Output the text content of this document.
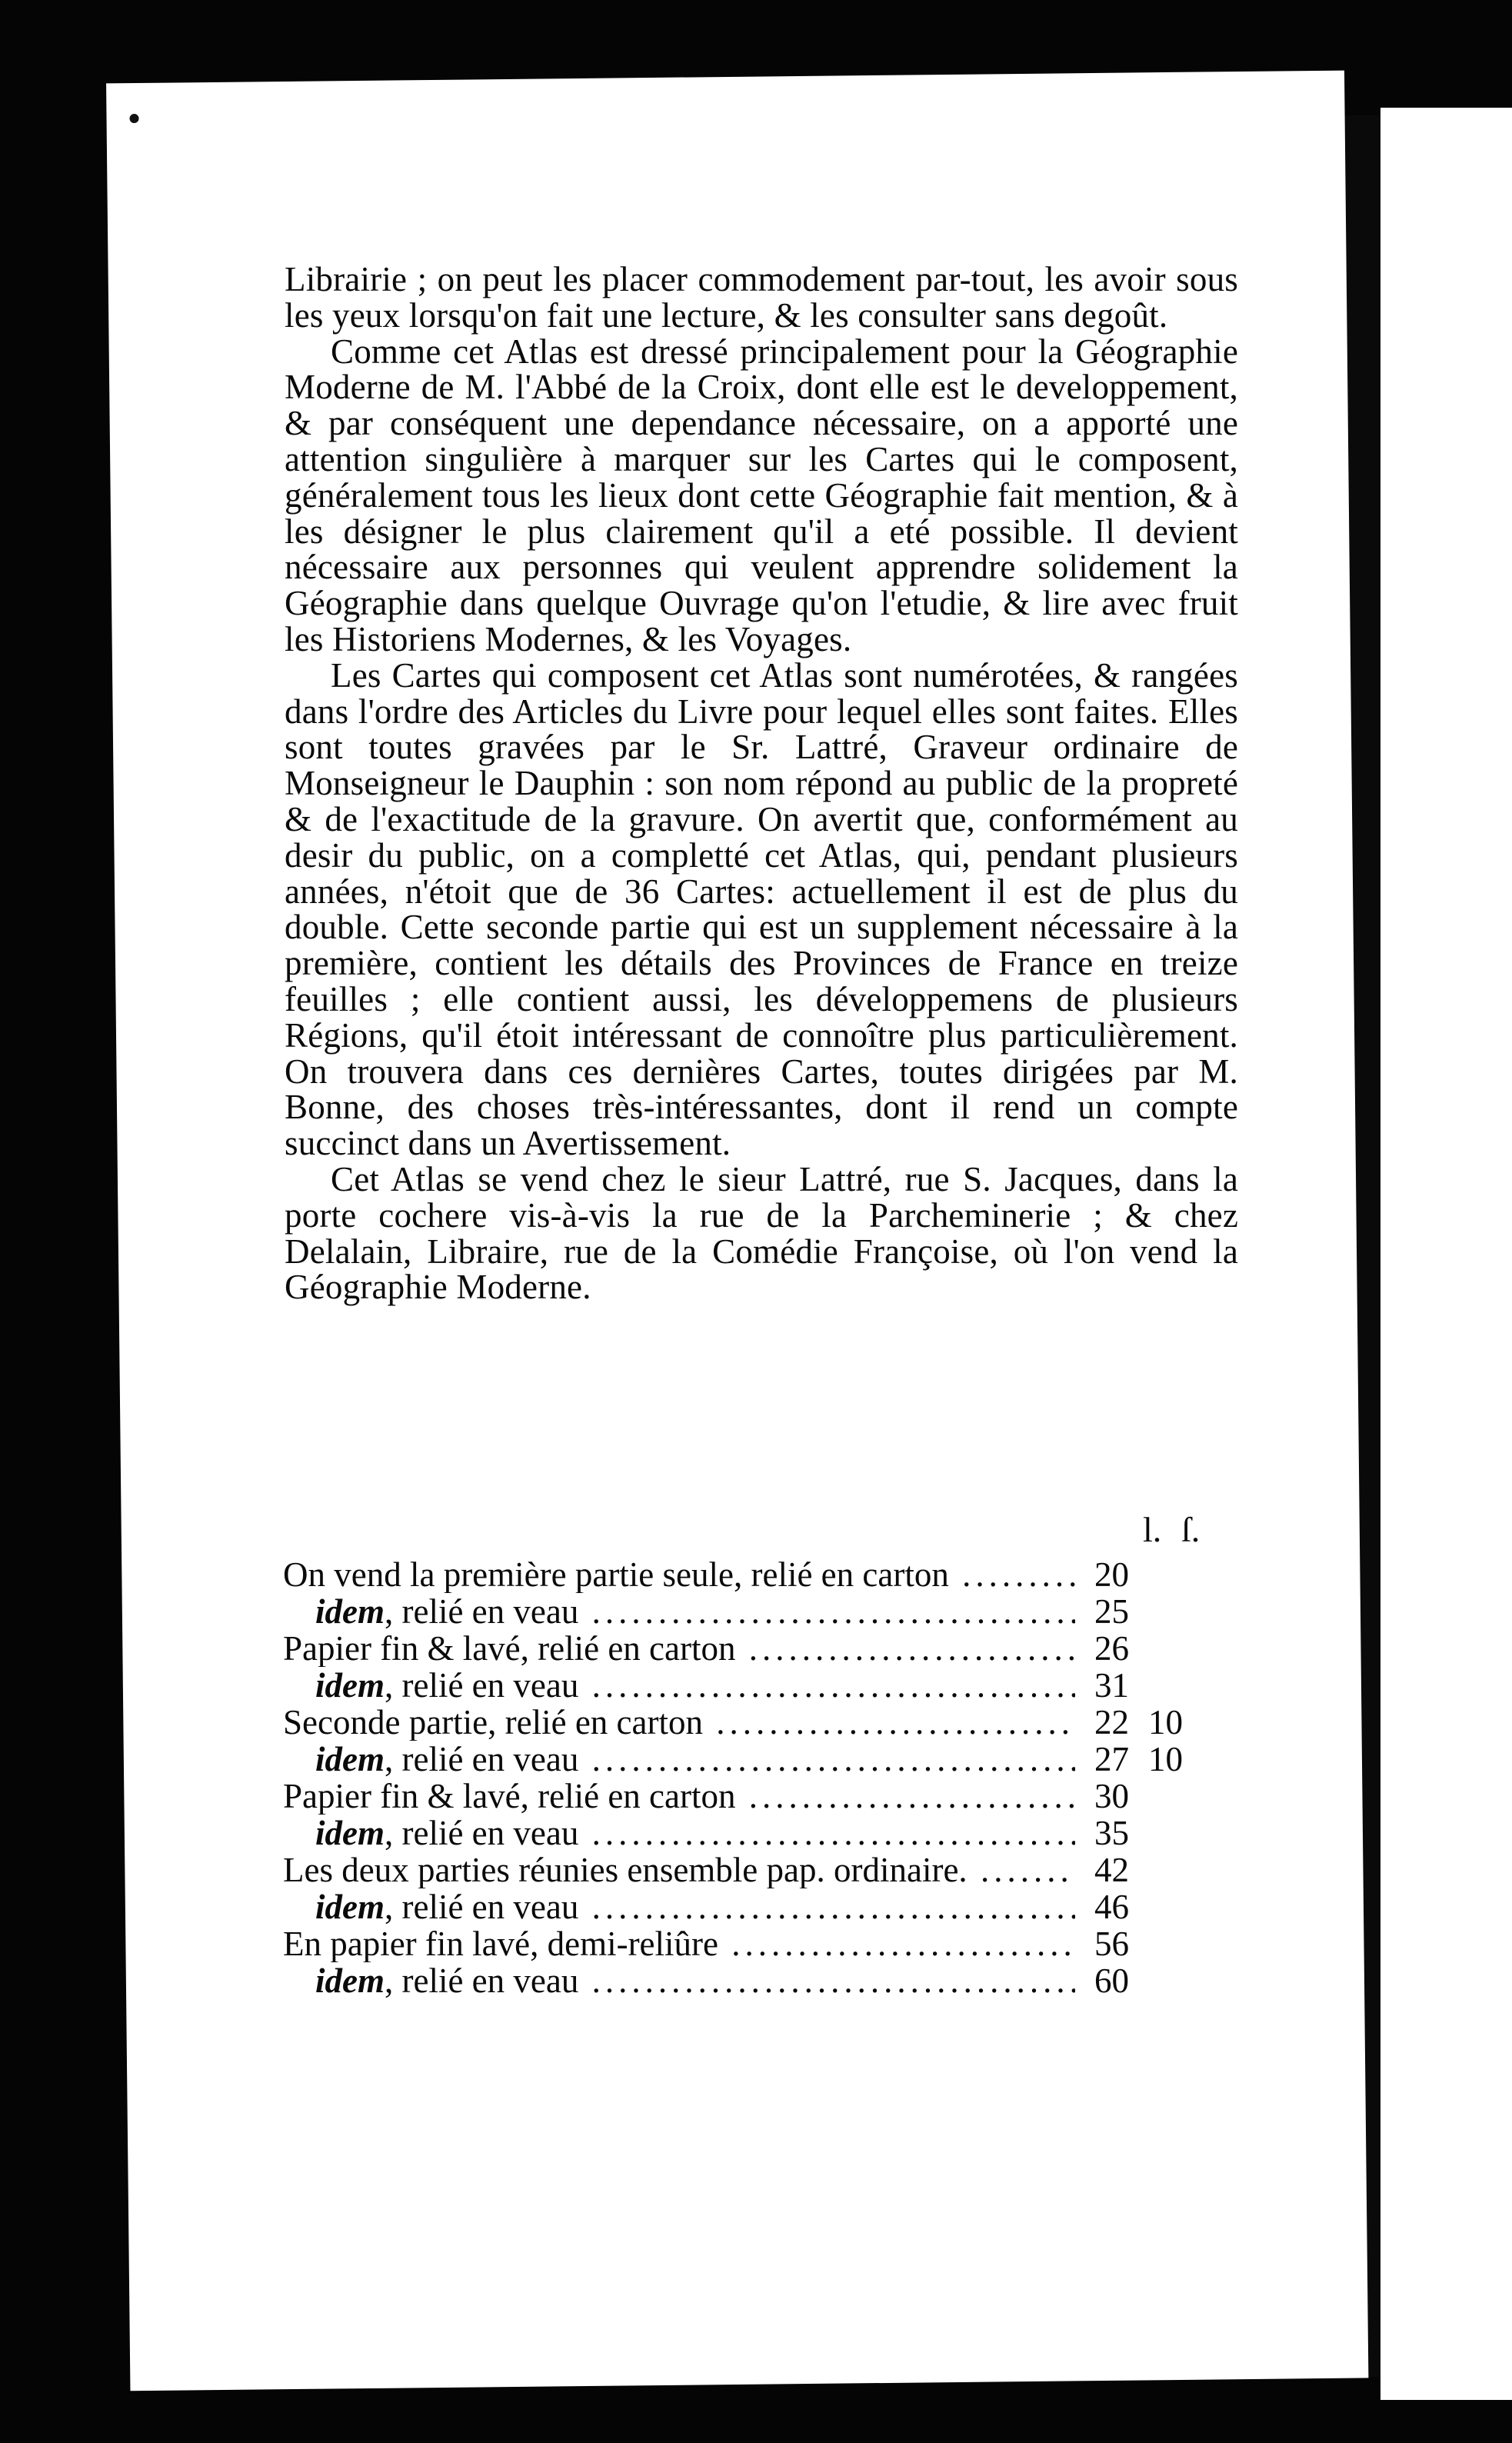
Librairie ; on peut les placer commodement par-tout, les avoir sous les yeux lorsqu'on fait une lecture, & les consulter sans degoût.

Comme cet Atlas est dressé principalement pour la Géographie Moderne de M. l'Abbé de la Croix, dont elle est le developpement, & par conséquent une dependance nécessaire, on a apporté une attention singulière à marquer sur les Cartes qui le composent, généralement tous les lieux dont cette Géographie fait mention, & à les désigner le plus clairement qu'il a eté possible. Il devient nécessaire aux personnes qui veulent apprendre solidement la Géographie dans quelque Ouvrage qu'on l'etudie, & lire avec fruit les Historiens Modernes, & les Voyages.

Les Cartes qui composent cet Atlas sont numérotées, & rangées dans l'ordre des Articles du Livre pour lequel elles sont faites. Elles sont toutes gravées par le Sr. Lattré, Graveur ordinaire de Monseigneur le Dauphin : son nom répond au public de la propreté & de l'exactitude de la gravure. On avertit que, conformément au desir du public, on a completté cet Atlas, qui, pendant plusieurs années, n'étoit que de 36 Cartes: actuellement il est de plus du double. Cette seconde partie qui est un supplement nécessaire à la première, contient les détails des Provinces de France en treize feuilles ; elle contient aussi, les développemens de plusieurs Régions, qu'il étoit intéressant de connoître plus particulièrement. On trouvera dans ces dernières Cartes, toutes dirigées par M. Bonne, des choses très-intéressantes, dont il rend un compte succinct dans un Avertissement.

Cet Atlas se vend chez le sieur Lattré, rue S. Jacques, dans la porte cochere vis-à-vis la rue de la Parcheminerie ; & chez Delalain, Libraire, rue de la Comédie Françoise, où l'on vend la Géographie Moderne.

l. ſ.
On vend la première partie seule, relié en carton .....	20
idem, relié en veau .....	25
Papier fin & lavé, relié en carton .....	26
idem, relié en veau .....	31
Seconde partie, relié en carton .....	22 10
idem, relié en veau .....	27 10
Papier fin & lavé, relié en carton .....	30
idem, relié en veau .....	35
Les deux parties réunies ensemble pap. ordinaire. .....	42
idem, relié en veau .....	46
En papier fin lavé, demi-reliûre .....	56
idem, relié en veau .....	60
